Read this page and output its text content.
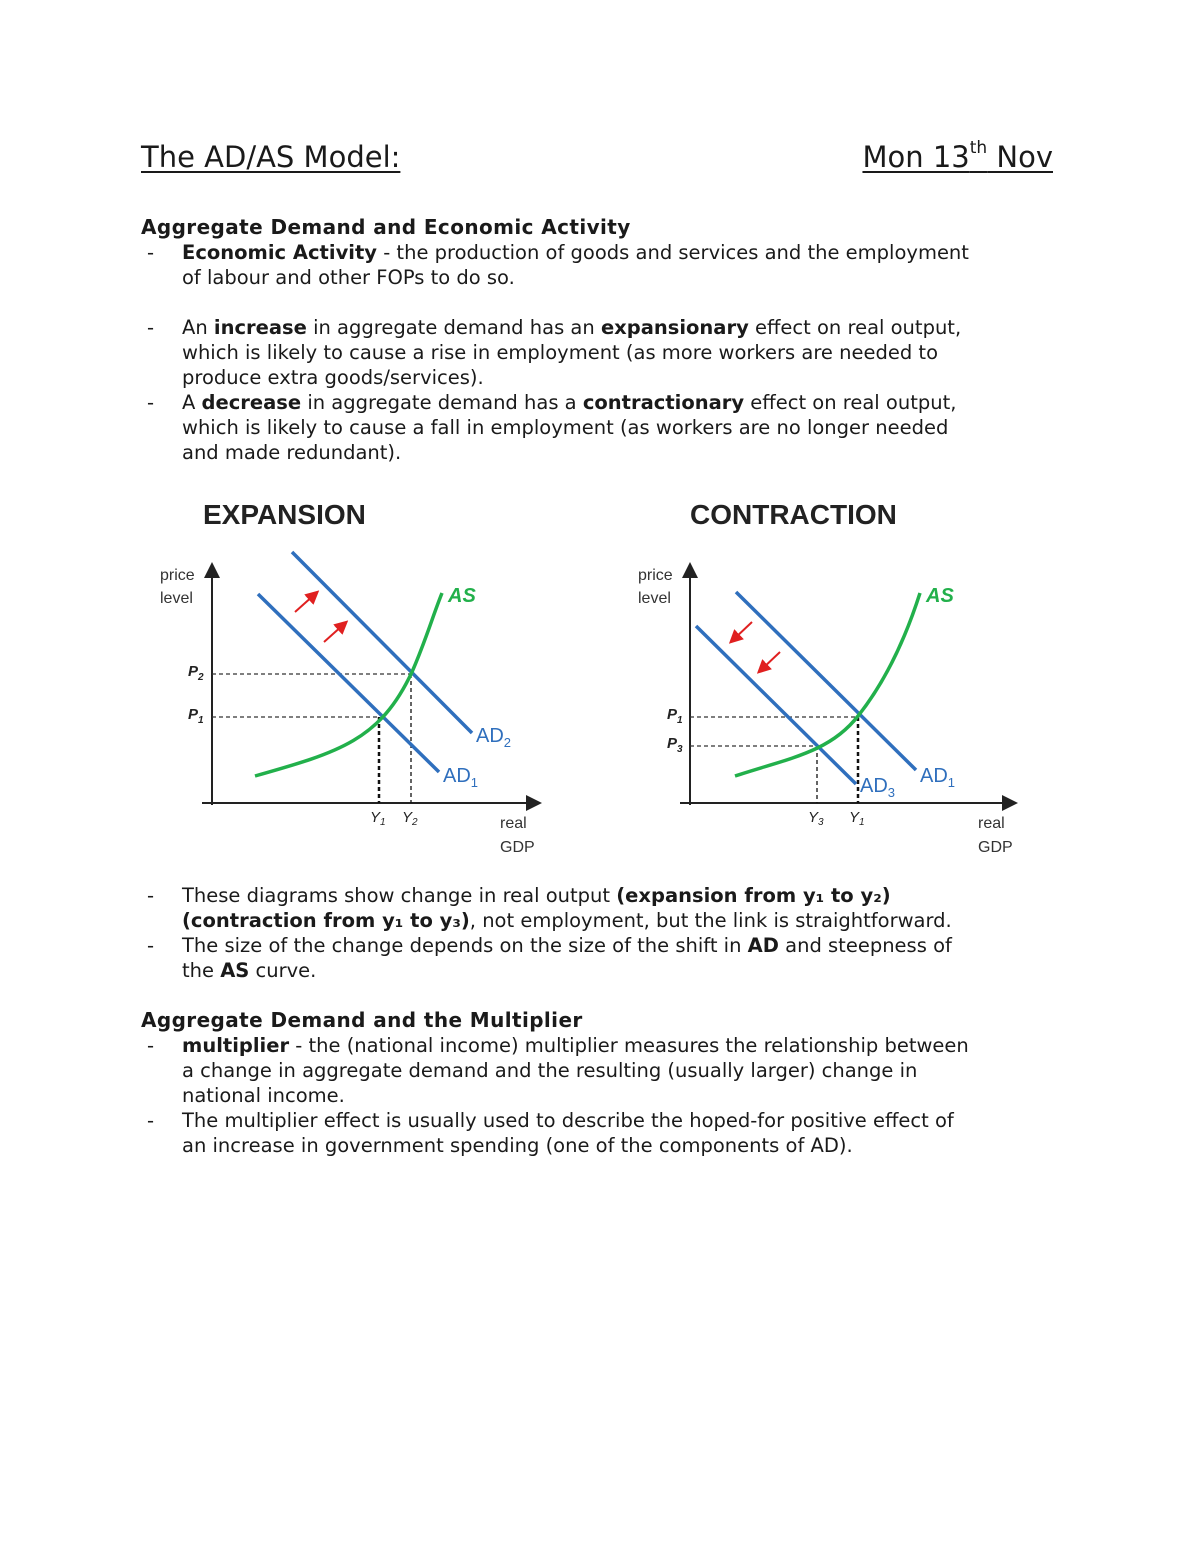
The AD/AS Model:	Mon 13th Nov
Aggregate Demand and Economic Activity
- Economic Activity - the production of goods and services and the employment
of labour and other FOPs to do so.
- An increase in aggregate demand has an expansionary effect on real output,
which is likely to cause a rise in employment (as more workers are needed to
produce extra goods/services).
- A decrease in aggregate demand has a contractionary effect on real output,
which is likely to cause a fall in employment (as workers are no longer needed
and made redundant).
EXPANSION
price
level
real
GDP
AS
$AD_2$
$AD_1$
$P_2$
$P_1$
$Y_1$ $Y_2$
CONTRACTION
price
level
real
GDP
AS
$AD_3$
$AD_1$
$P_1$
$P_3$
$Y_3$ $Y_1$
- These diagrams show change in real output (expansion from y₁ to y₂)
(contraction from y₁ to y₃), not employment, but the link is straightforward.
- The size of the change depends on the size of the shift in AD and steepness of
the AS curve.
Aggregate Demand and the Multiplier
- multiplier - the (national income) multiplier measures the relationship between
a change in aggregate demand and the resulting (usually larger) change in
national income.
- The multiplier effect is usually used to describe the hoped-for positive effect of
an increase in government spending (one of the components of AD).
